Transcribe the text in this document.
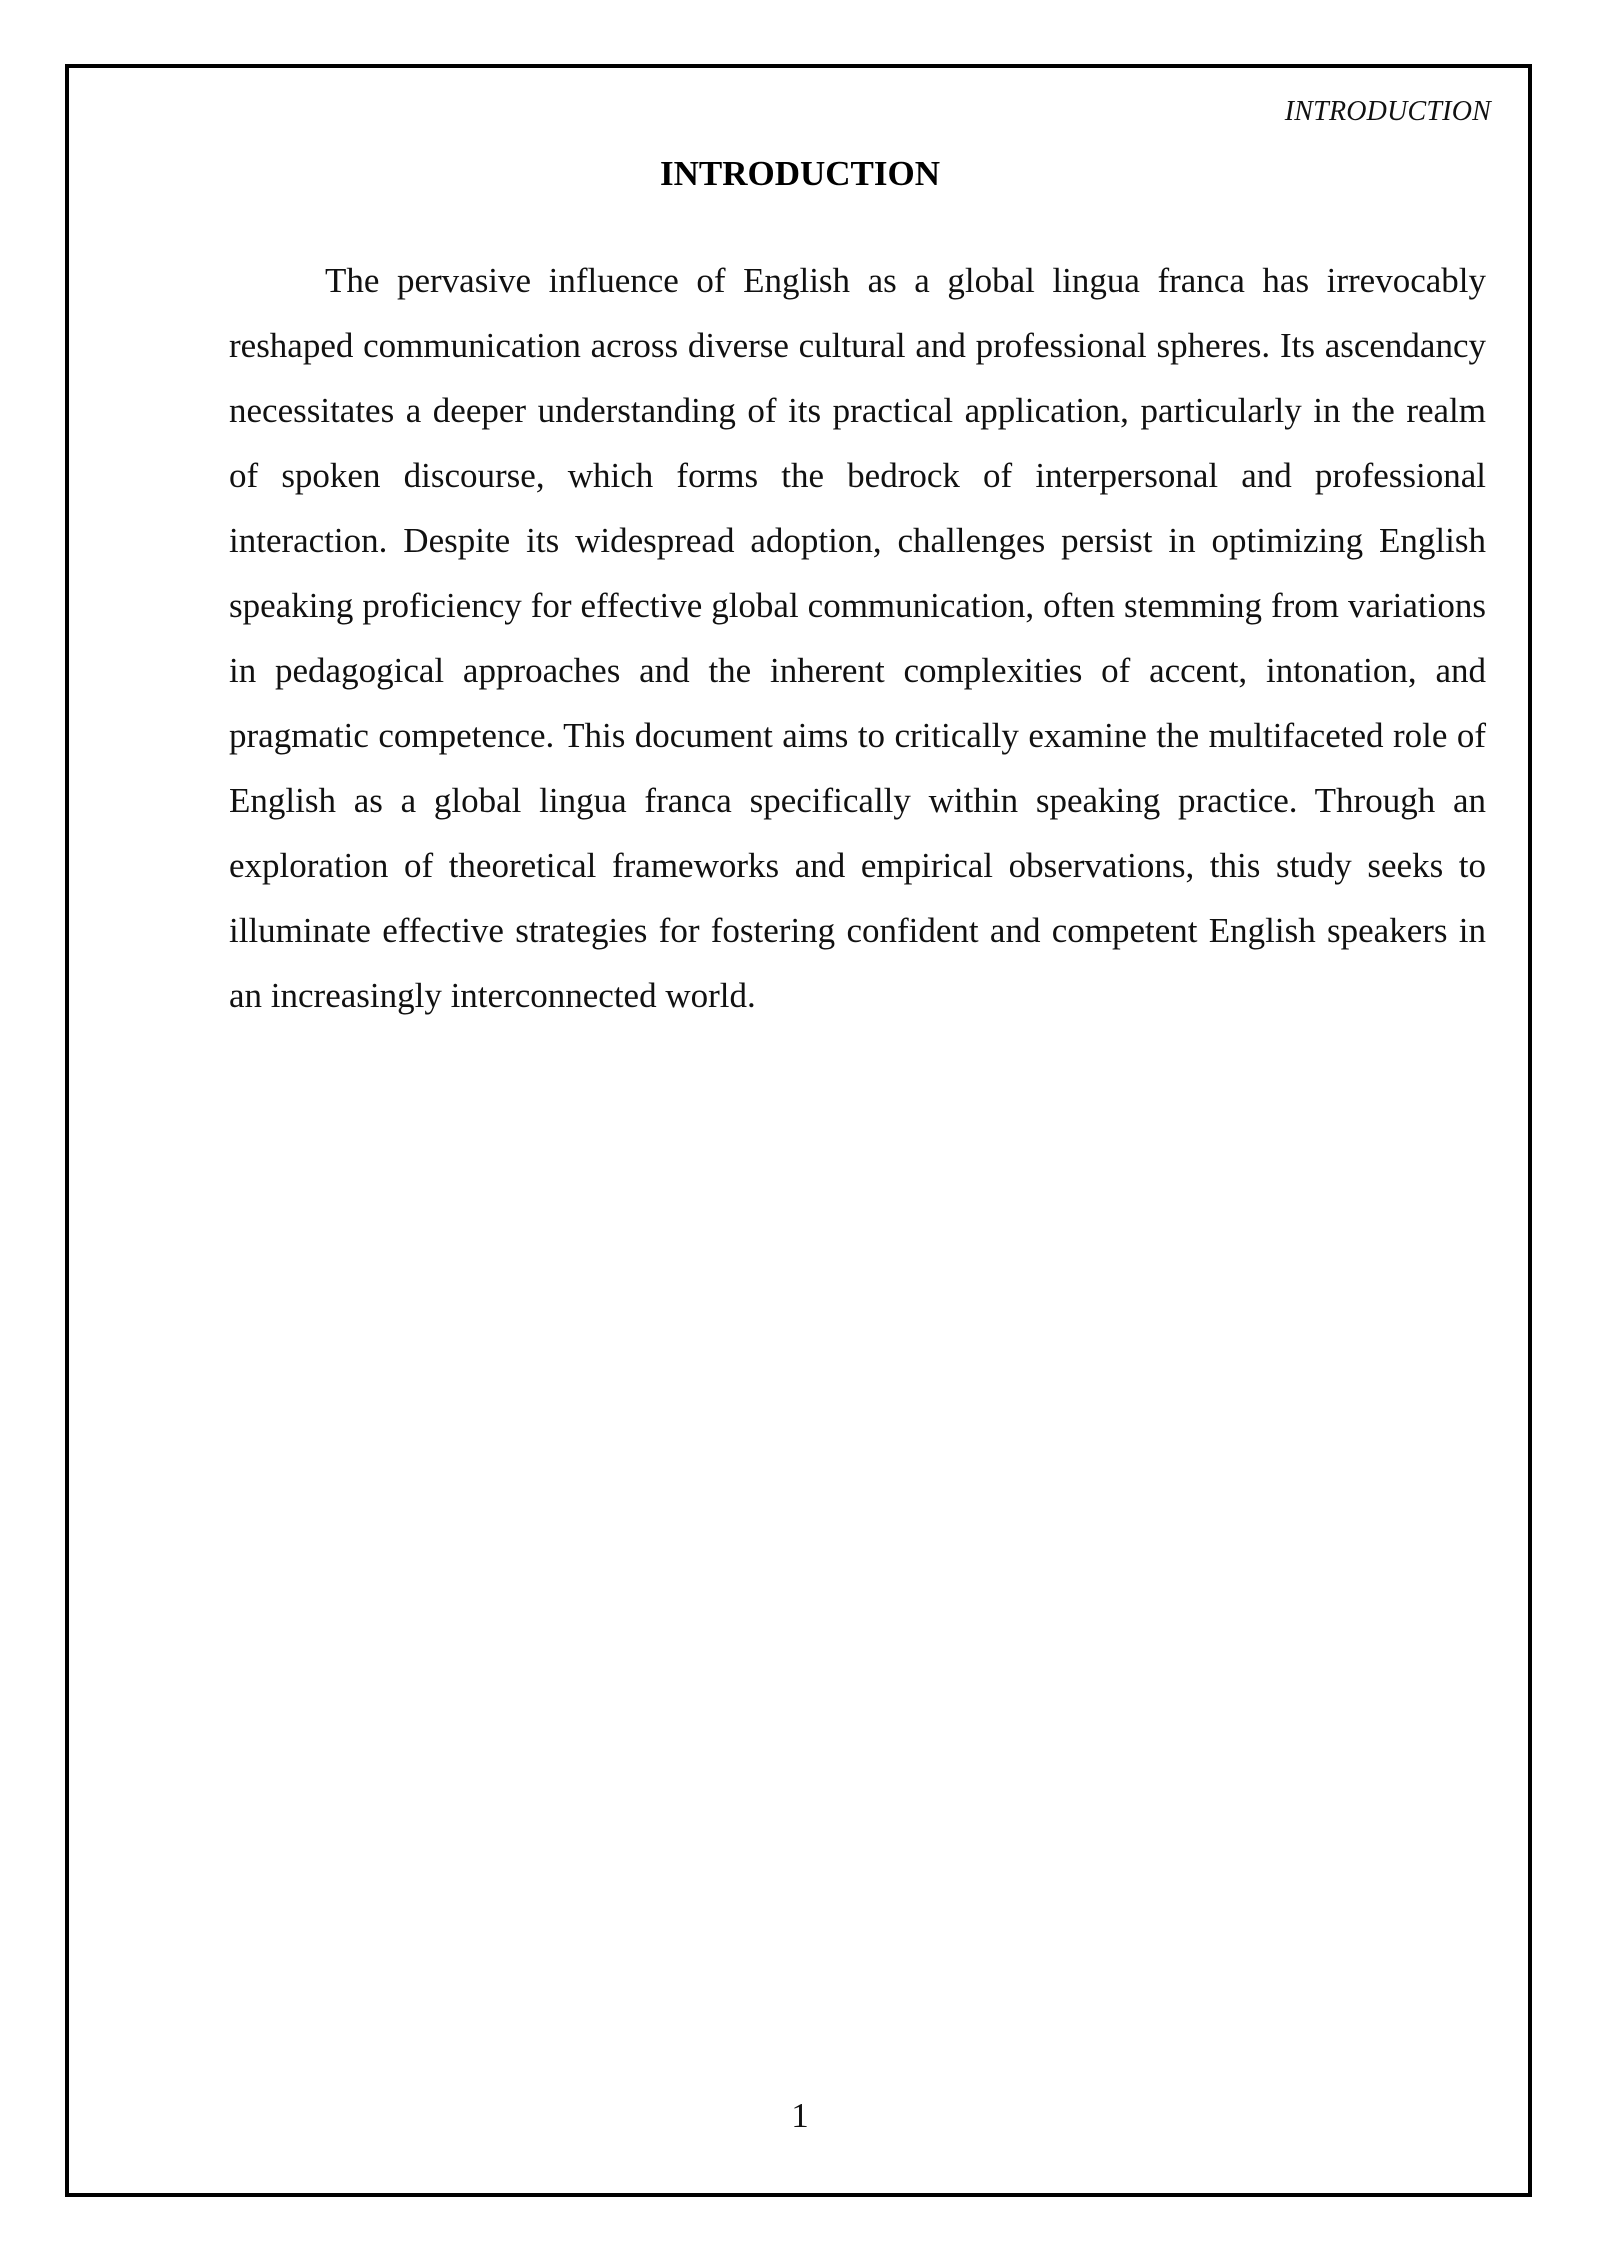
INTRODUCTION
INTRODUCTION

The pervasive influence of English as a global lingua franca has irrevocably reshaped communication across diverse cultural and professional spheres. Its ascendancy necessitates a deeper understanding of its practical application, particularly in the realm of spoken discourse, which forms the bedrock of interpersonal and professional interaction. Despite its widespread adoption, challenges persist in optimizing English speaking proficiency for effective global communication, often stemming from variations in pedagogical approaches and the inherent complexities of accent, intonation, and pragmatic competence. This document aims to critically examine the multifaceted role of English as a global lingua franca specifically within speaking practice. Through an exploration of theoretical frameworks and empirical observations, this study seeks to illuminate effective strategies for fostering confident and competent English speakers in an increasingly interconnected world.

1
